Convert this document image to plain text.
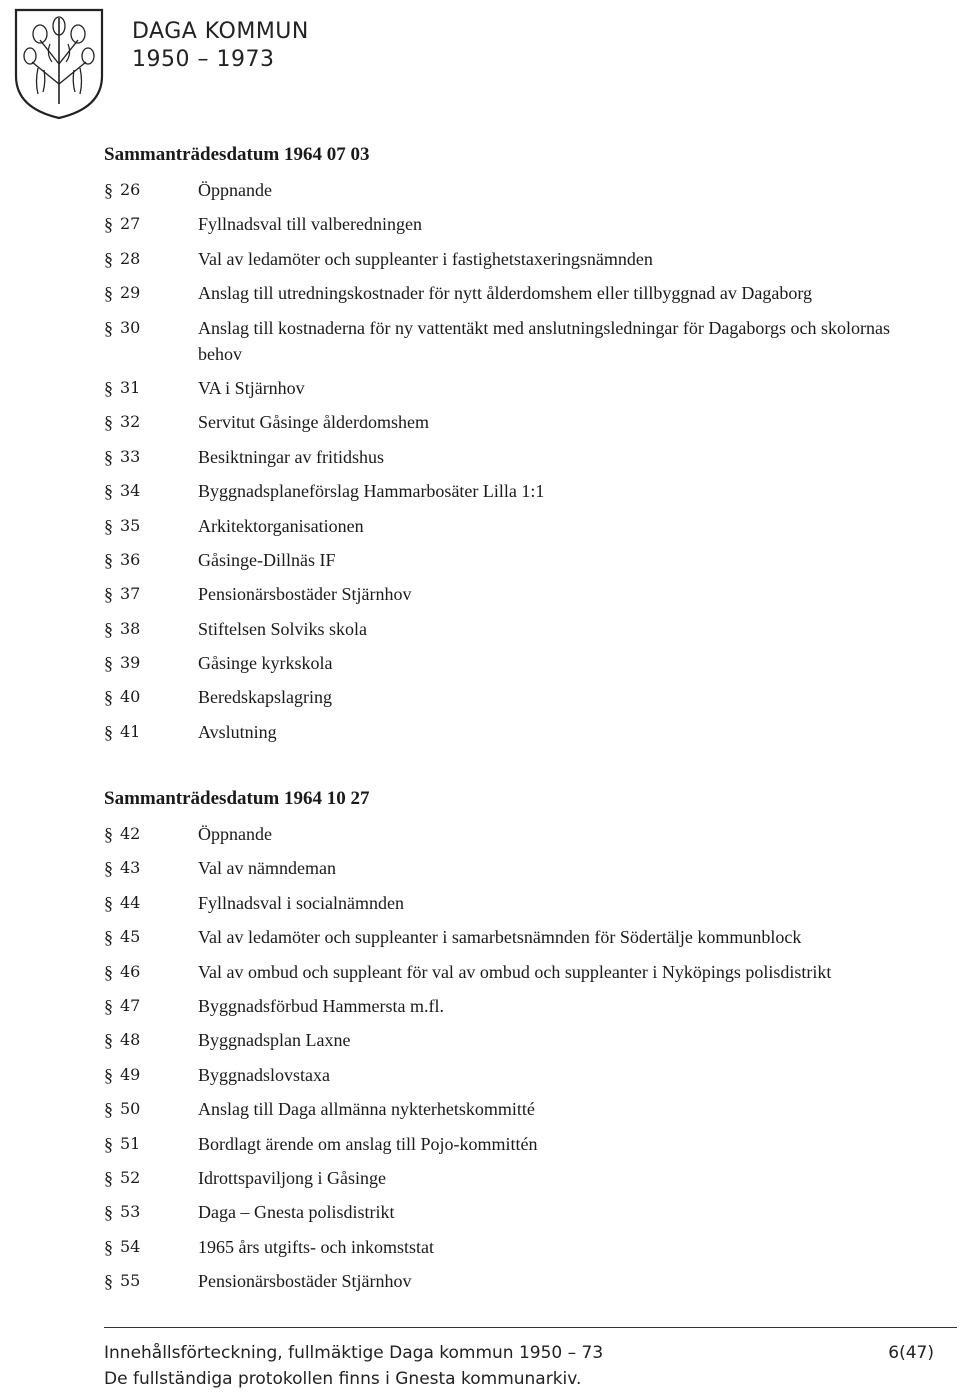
DAGA KOMMUN
1950 – 1973
Sammanträdesdatum 1964 07 03
§ 26	Öppnande
§ 27	Fyllnadsval till valberedningen
§ 28	Val av ledamöter och suppleanter i fastighetstaxeringsnämnden
§ 29	Anslag till utredningskostnader för nytt ålderdomshem eller tillbyggnad av Dagaborg
§ 30	Anslag till kostnaderna för ny vattentäkt med anslutningsledningar för Dagaborgs och skolornas behov
§ 31	VA i Stjärnhov
§ 32	Servitut Gåsinge ålderdomshem
§ 33	Besiktningar av fritidshus
§ 34	Byggnadsplaneförslag Hammarbosäter Lilla 1:1
§ 35	Arkitektorganisationen
§ 36	Gåsinge-Dillnäs IF
§ 37	Pensionärsbostäder Stjärnhov
§ 38	Stiftelsen Solviks skola
§ 39	Gåsinge kyrkskola
§ 40	Beredskapslagring
§ 41	Avslutning
Sammanträdesdatum 1964 10 27
§ 42	Öppnande
§ 43	Val av nämndeman
§ 44	Fyllnadsval i socialnämnden
§ 45	Val av ledamöter och suppleanter i samarbetsnämnden för Södertälje kommunblock
§ 46	Val av ombud och suppleant för val av ombud och suppleanter i Nyköpings polisdistrikt
§ 47	Byggnadsförbud Hammersta m.fl.
§ 48	Byggnadsplan Laxne
§ 49	Byggnadslovstaxa
§ 50	Anslag till Daga allmänna nykterhetskommitté
§ 51	Bordlagt ärende om anslag till Pojo-kommittén
§ 52	Idrottspaviljong i Gåsinge
§ 53	Daga – Gnesta polisdistrikt
§ 54	1965 års utgifts- och inkomststat
§ 55	Pensionärsbostäder Stjärnhov
Innehållsförteckning, fullmäktige Daga kommun 1950 – 73	6(47)
De fullständiga protokollen finns i Gnesta kommunarkiv.
